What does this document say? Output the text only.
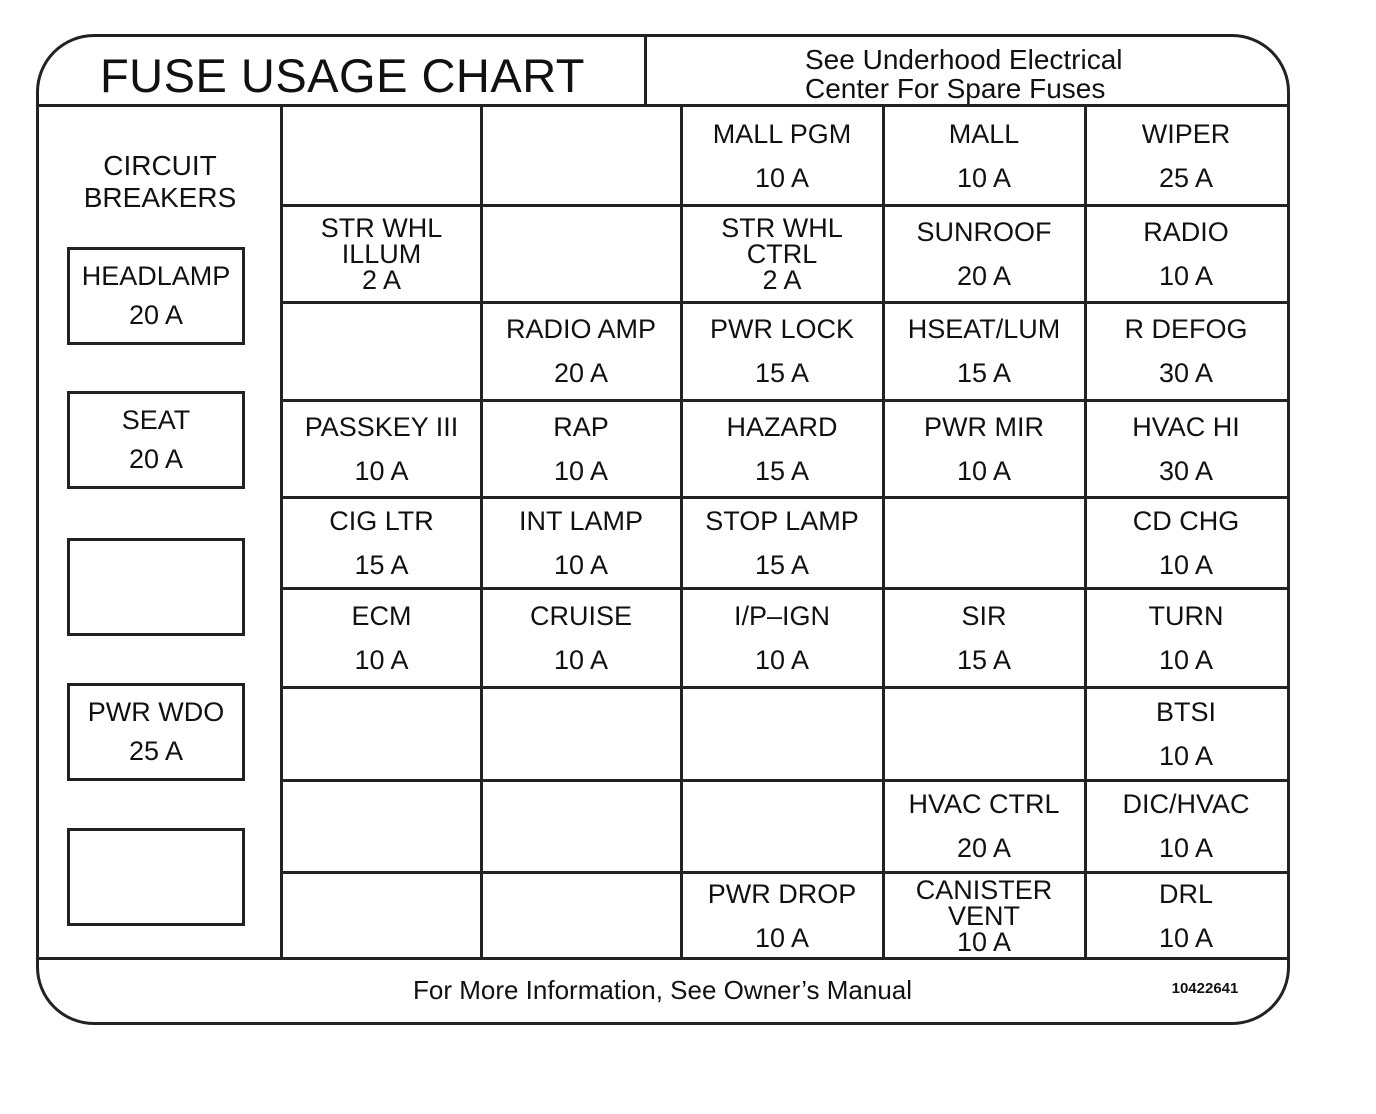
FUSE USAGE CHART	See Underhood Electrical
Center For Spare Fuses
CIRCUIT
BREAKERS
HEADLAMP
20 A
SEAT
20 A
PWR WDO
25 A
MALL PGM
10 A
MALL
10 A
WIPER
25 A
STR WHL ILLUM
2 A
STR WHL CTRL
2 A
SUNROOF
20 A
RADIO
10 A
RADIO AMP
20 A
PWR LOCK
15 A
HSEAT/LUM
15 A
R DEFOG
30 A
PASSKEY III
10 A
RAP
10 A
HAZARD
15 A
PWR MIR
10 A
HVAC HI
30 A
CIG LTR
15 A
INT LAMP
10 A
STOP LAMP
15 A
CD CHG
10 A
ECM
10 A
CRUISE
10 A
I/P–IGN
10 A
SIR
15 A
TURN
10 A
BTSI
10 A
HVAC CTRL
20 A
DIC/HVAC
10 A
PWR DROP
10 A
CANISTER VENT
10 A
DRL
10 A
For More Information, See Owner’s Manual	10422641
